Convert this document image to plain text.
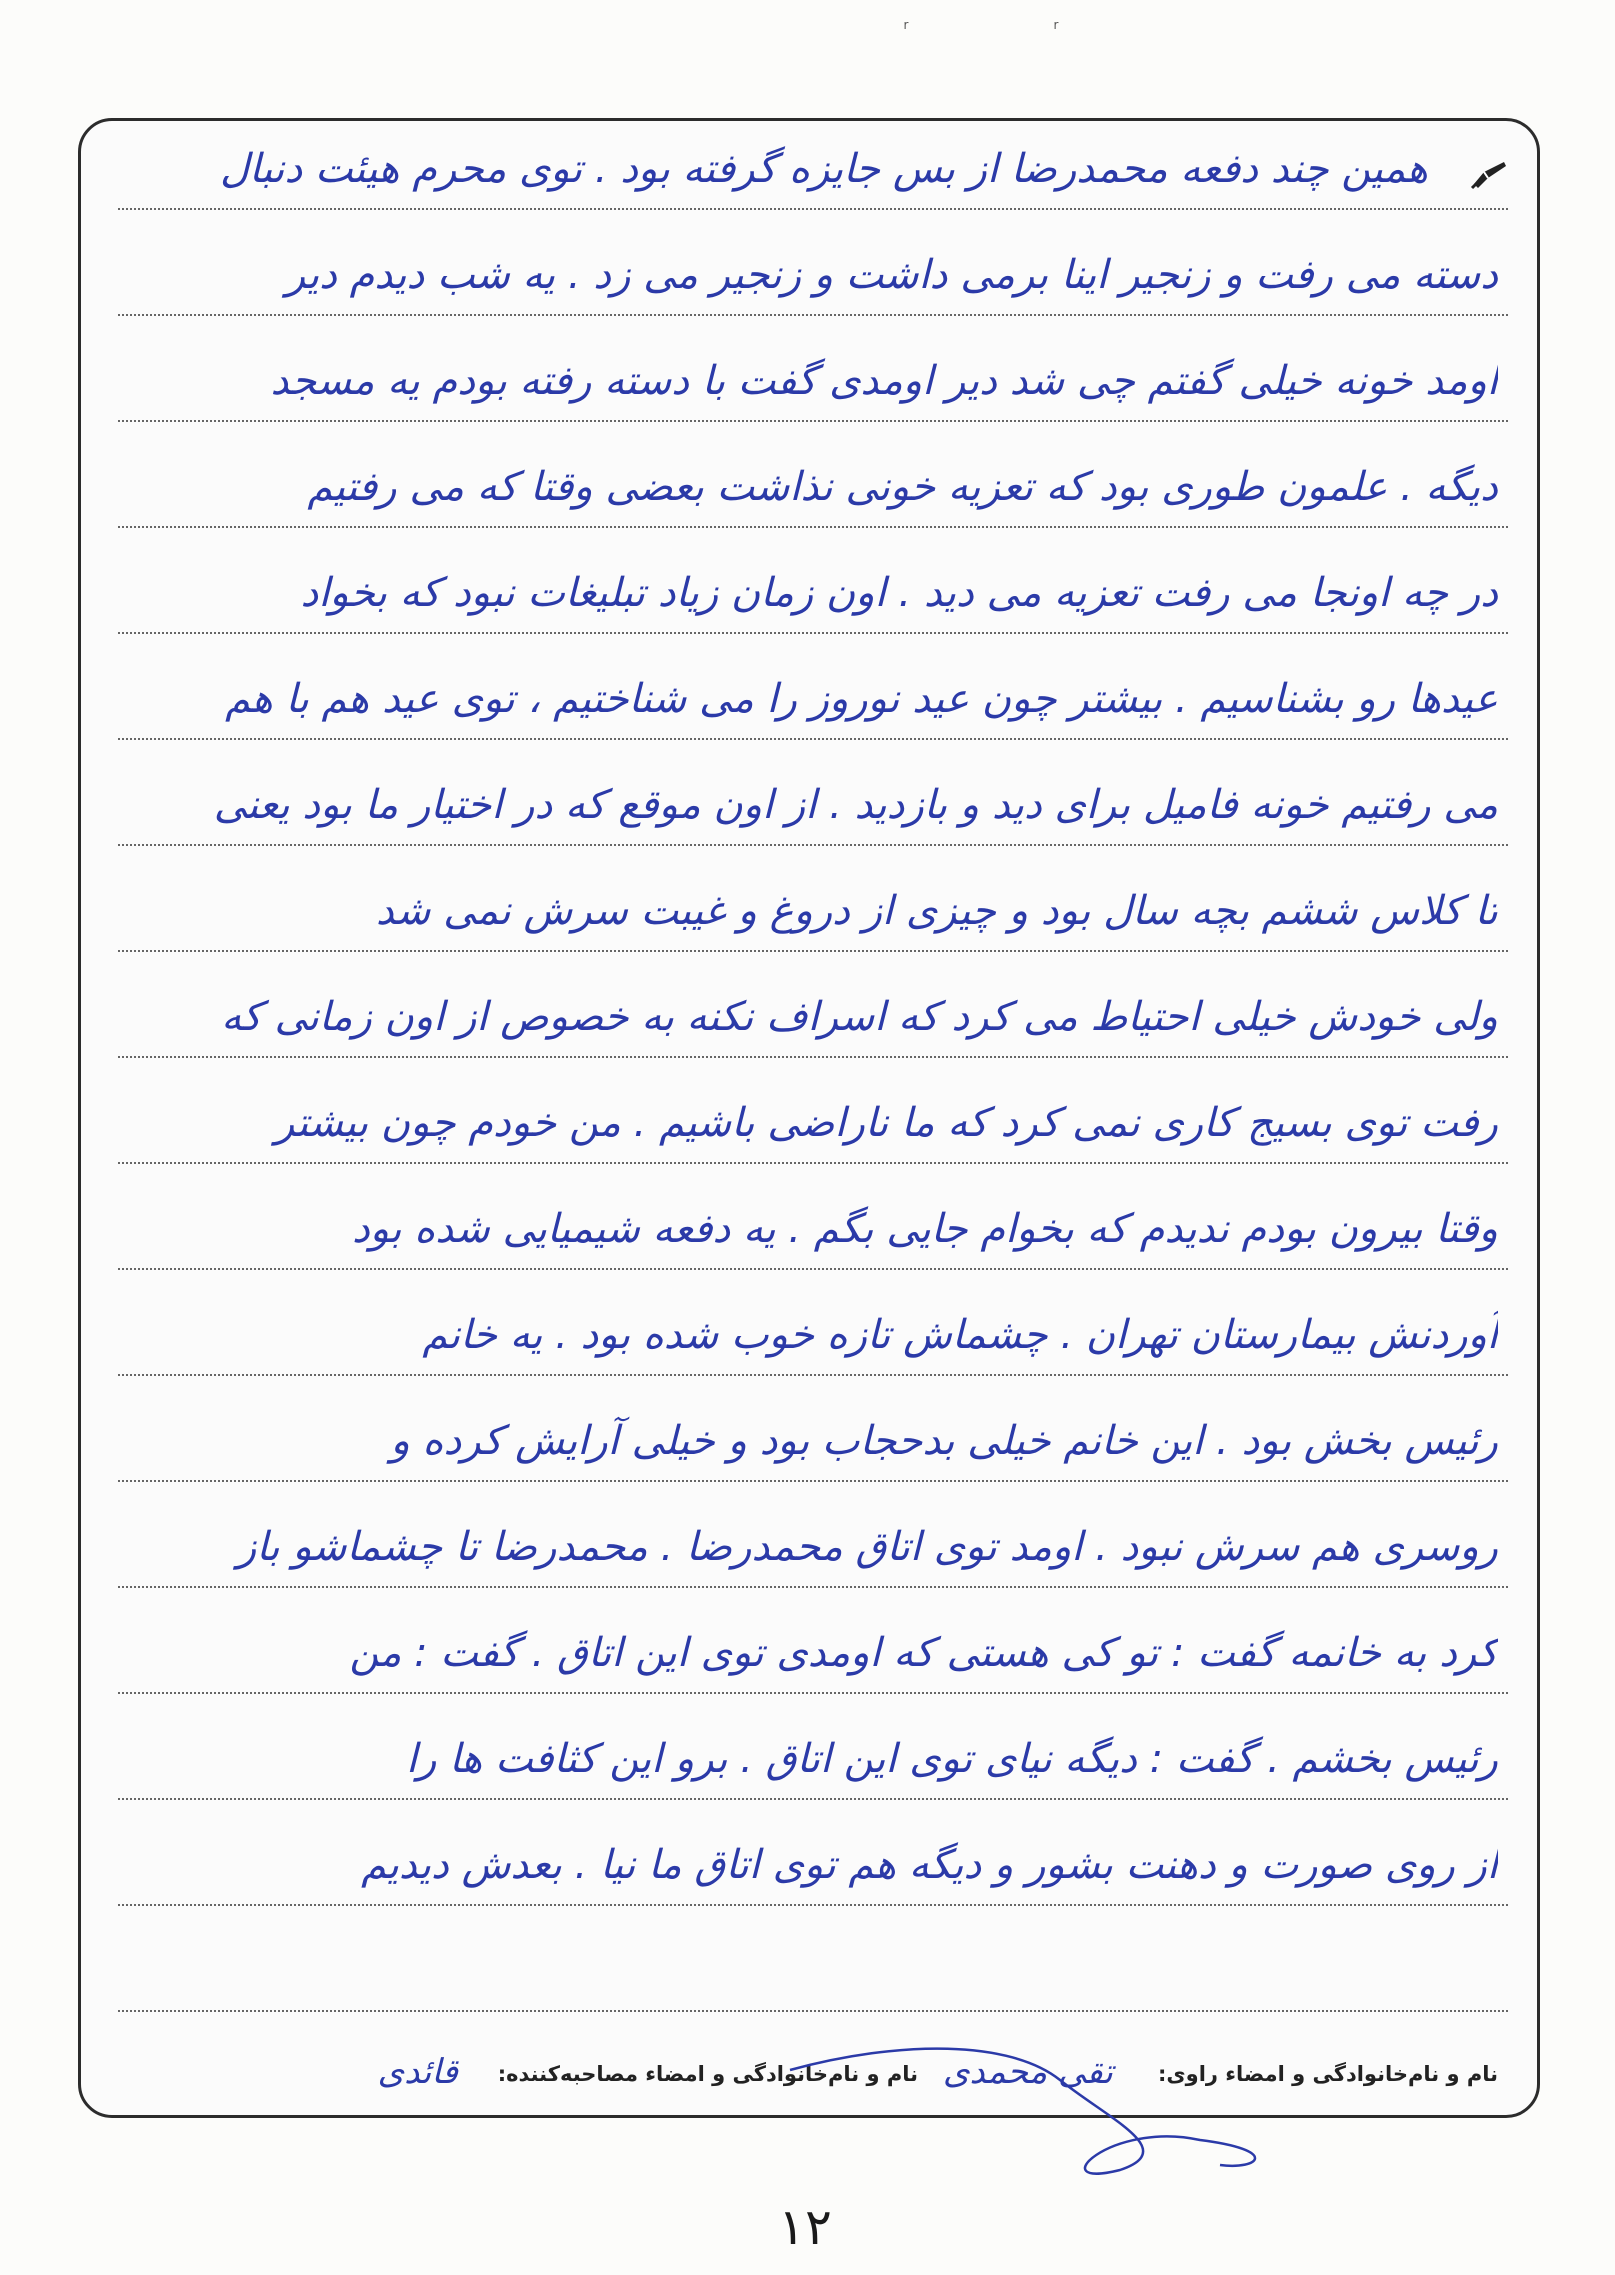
r	r
همین چند دفعه محمدرضا از بس جایزه گرفته بود . توی محرم هیئت دنبال
دسته می رفت و زنجیر اینا برمی داشت و زنجیر می زد . یه شب دیدم دیر
اومد خونه خیلی گفتم چی شد دیر اومدی گفت با دسته رفته بودم یه مسجد
دیگه . علمون طوری بود که تعزیه خونی نذاشت بعضی وقتا که می رفتیم
در چه اونجا می رفت تعزیه می دید . اون زمان زیاد تبلیغات نبود که بخواد
عیدها رو بشناسیم . بیشتر چون عید نوروز را می شناختیم ، توی عید هم با هم
می رفتیم خونه فامیل برای دید و بازدید . از اون موقع که در اختیار ما بود یعنی
تا کلاس ششم بچه سال بود و چیزی از دروغ و غیبت سرش نمی شد
ولی خودش خیلی احتیاط می کرد که اسراف نکنه به خصوص از اون زمانی که
رفت توی بسیج کاری نمی کرد که ما ناراضی باشیم . من خودم چون بیشتر
وقتا بیرون بودم ندیدم که بخوام جایی بگم . یه دفعه شیمیایی شده بود
آوردنش بیمارستان تهران . چشماش تازه خوب شده بود . یه خانم
رئیس بخش بود . این خانم خیلی بدحجاب بود و خیلی آرایش کرده و
روسری هم سرش نبود . اومد توی اتاق محمدرضا . محمدرضا تا چشماشو باز
کرد به خانمه گفت : تو کی هستی که اومدی توی این اتاق . گفت : من
رئیس بخشم . گفت : دیگه نیای توی این اتاق . برو این کثافت ها را
از روی صورت و دهنت بشور و دیگه هم توی اتاق ما نیا . بعدش دیدیم
نام و نام‌خانوادگی و امضاء راوی:
تقی محمدی
نام و نام‌خانوادگی و امضاء مصاحبه‌کننده:
قائدی
۱۲
